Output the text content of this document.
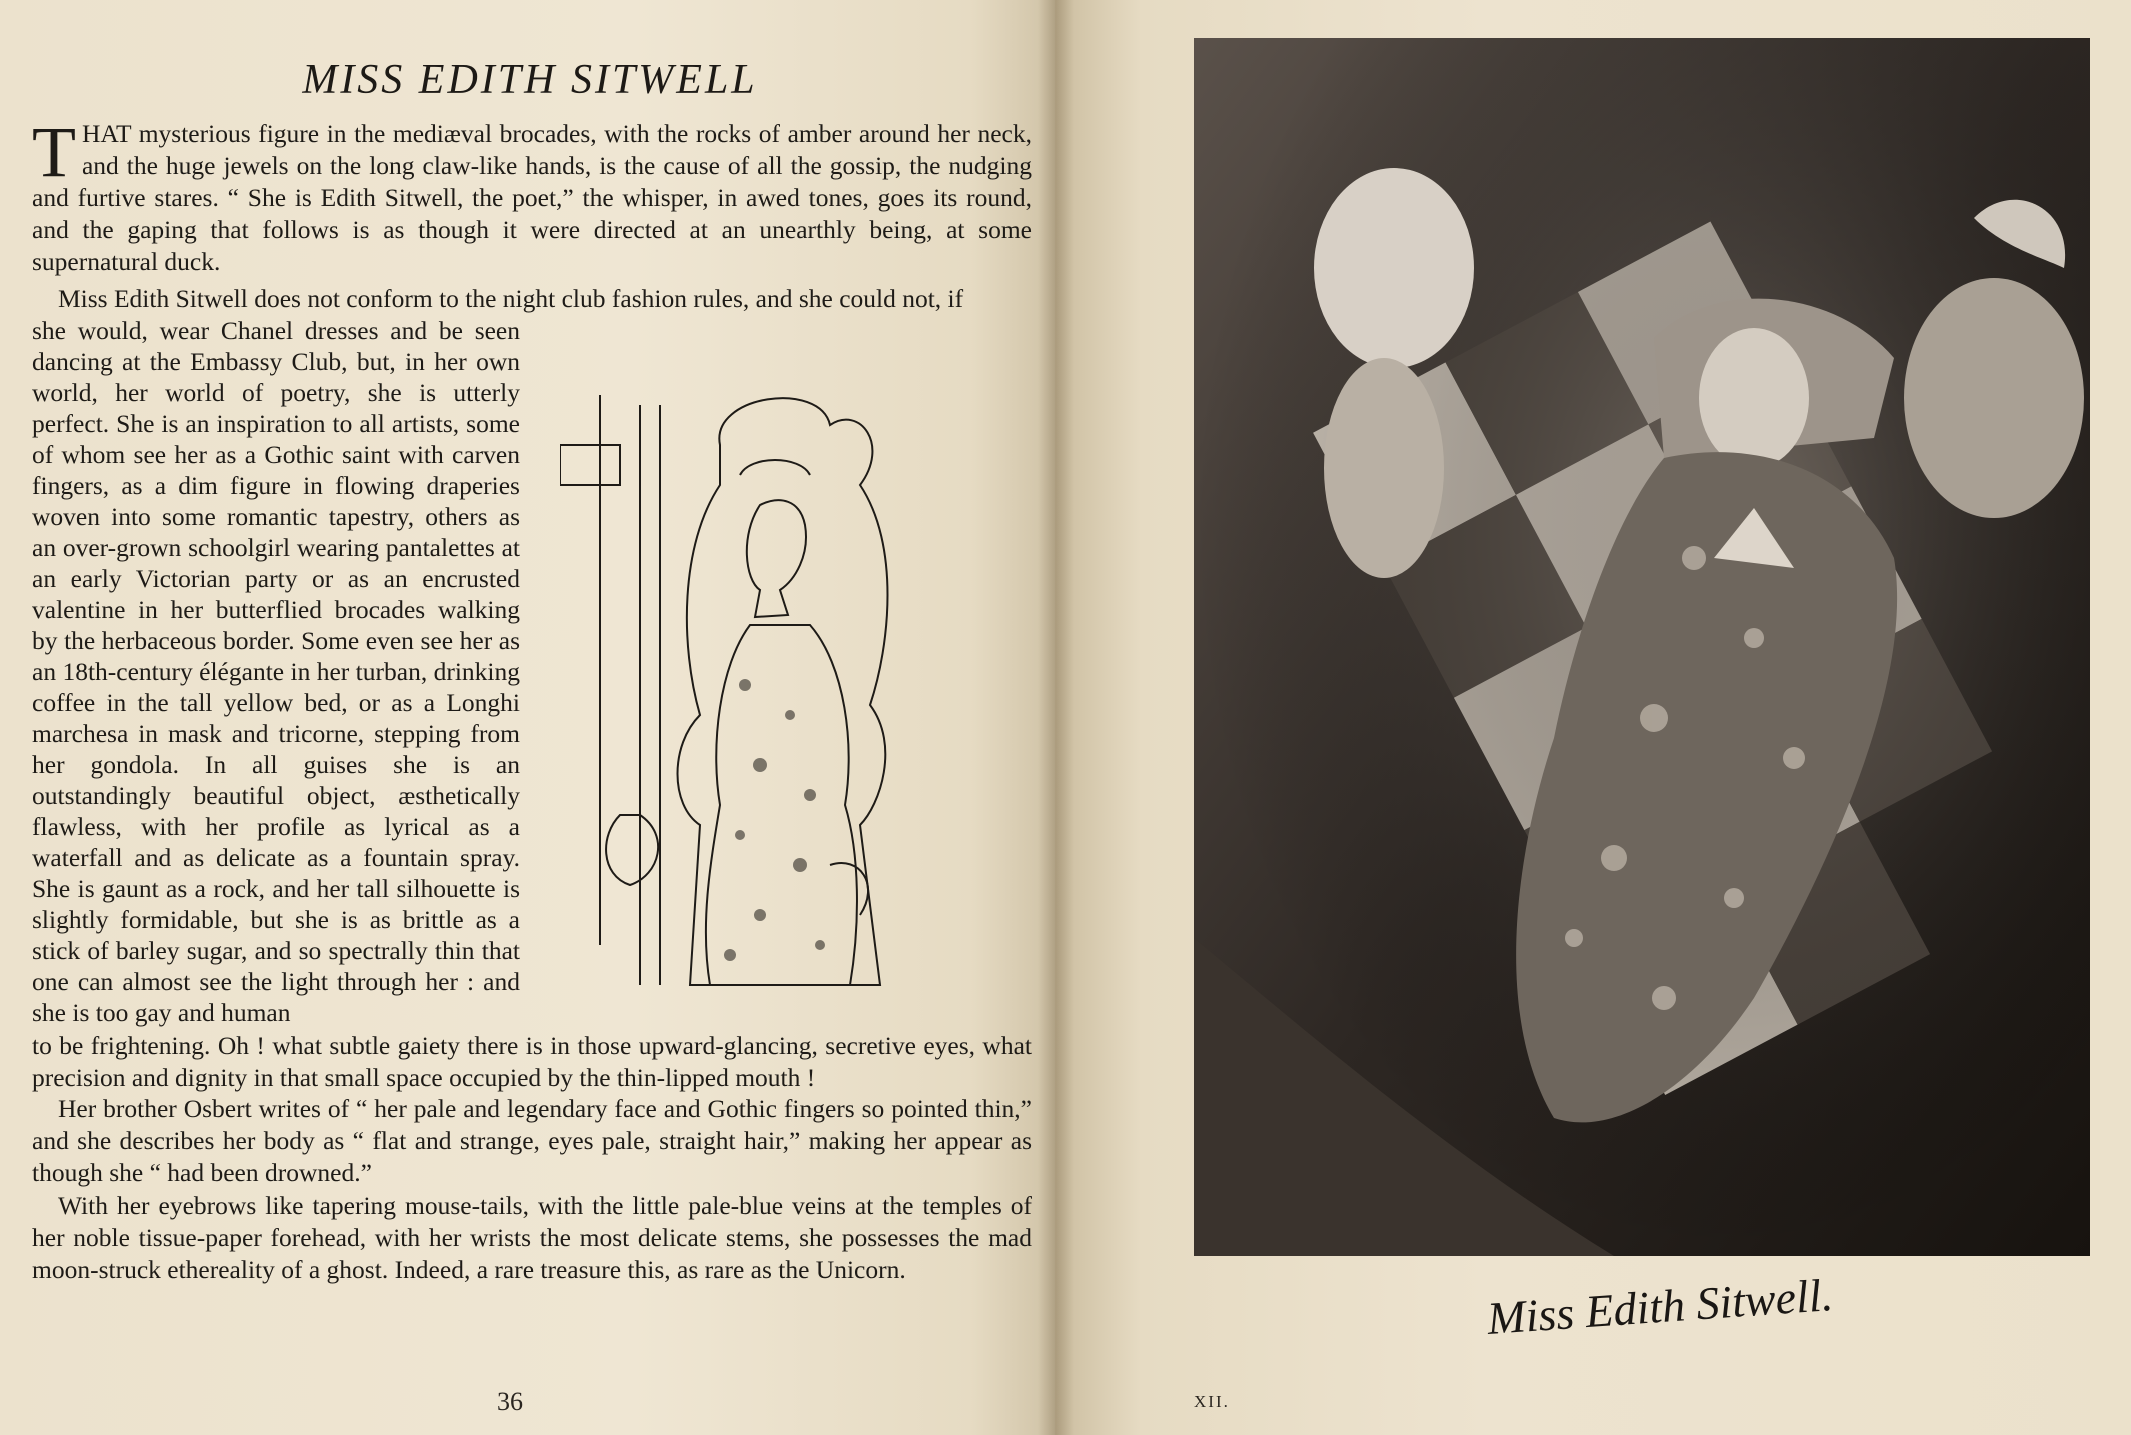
MISS EDITH SITWELL

THAT mysterious figure in the mediæval brocades, with the rocks of amber around her neck, and the huge jewels on the long claw-like hands, is the cause of all the gossip, the nudging and furtive stares. “ She is Edith Sitwell, the poet,” the whisper, in awed tones, goes its round, and the gaping that follows is as though it were directed at an unearthly being, at some supernatural duck.

Miss Edith Sitwell does not conform to the night club fashion rules, and she could not, if

she would, wear Chanel dresses and be seen dancing at the Embassy Club, but, in her own world, her world of poetry, she is utterly perfect. She is an inspiration to all artists, some of whom see her as a Gothic saint with carven fingers, as a dim figure in flowing draperies woven into some romantic tapestry, others as an over-grown schoolgirl wearing pantalettes at an early Victorian party or as an encrusted valentine in her butterflied brocades walking by the herbaceous border. Some even see her as an 18th-century élégante in her turban, drinking coffee in the tall yellow bed, or as a Longhi marchesa in mask and tricorne, stepping from her gondola. In all guises she is an outstandingly beautiful object, æsthetically flawless, with her profile as lyrical as a waterfall and as delicate as a fountain spray. She is gaunt as a rock, and her tall silhouette is slightly formidable, but she is as brittle as a stick of barley sugar, and so spectrally thin that one can almost see the light through her : and she is too gay and human

to be frightening. Oh ! what subtle gaiety there is in those upward-glancing, secretive eyes, what precision and dignity in that small space occupied by the thin-lipped mouth !

Her brother Osbert writes of “ her pale and legendary face and Gothic fingers so pointed thin,” and she describes her body as “ flat and strange, eyes pale, straight hair,” making her appear as though she “ had been drowned.”

With her eyebrows like tapering mouse-tails, with the little pale-blue veins at the temples of her noble tissue-paper forehead, with her wrists the most delicate stems, she possesses the mad moon-struck ethereality of a ghost. Indeed, a rare treasure this, as rare as the Unicorn.

36
Miss Edith Sitwell.
XII.
